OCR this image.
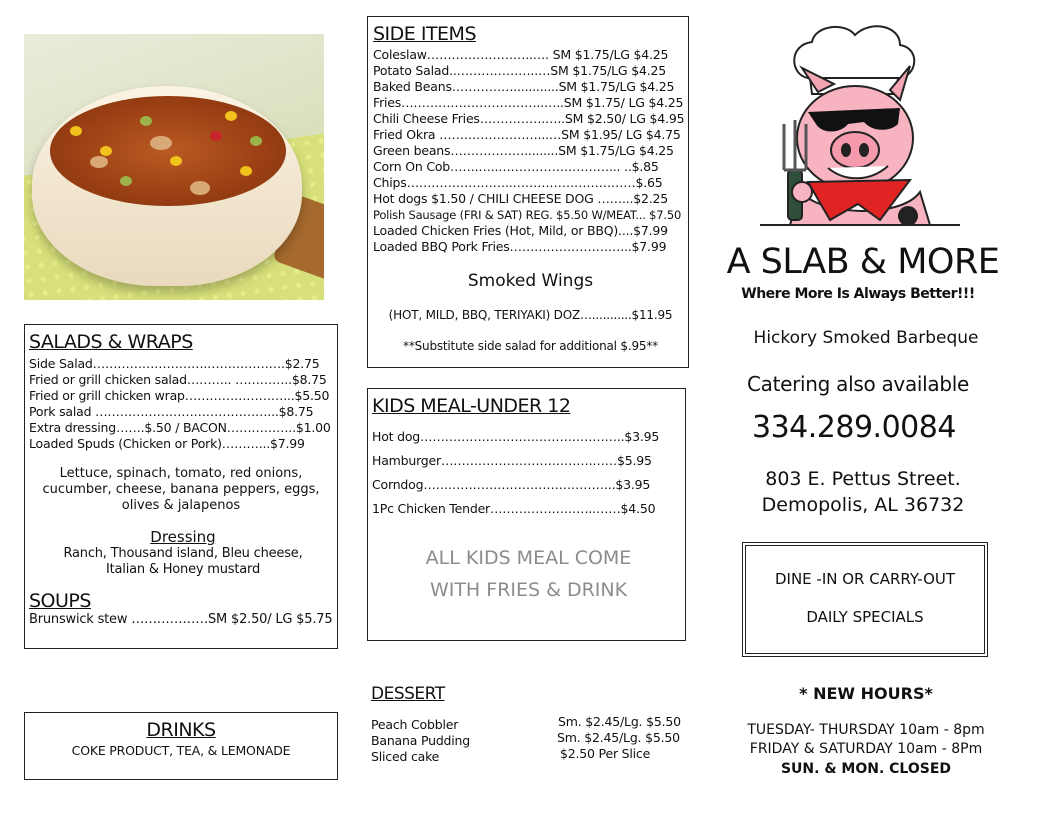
SIDE ITEMS
Coleslaw……………………..…. SM $1.75/LG $4.25
Potato Salad..………………..…SM $1.75/LG $4.25
Baked Beans……………............SM $1.75/LG $4.25
Fries……………………………..…..SM $1.75/ LG $4.25
Chili Cheese Fries…………….…..SM $2.50/ LG $4.95
Fried Okra ……………………...…SM $1.95/ LG $4.75
Green beans……………….........SM $1.75/LG $4.25
Corn On Cob…….…..………………………... ..$.85
Chips……………………..…………………………$.65
Hot dogs $1.50 / CHILI CHEESE DOG ……...$2.25
Polish Sausage (FRI & SAT) REG. $5.50 W/MEAT... $7.50
Loaded Chicken Fries (Hot, Mild, or BBQ)....$7.99
Loaded BBQ Pork Fries………………………...$7.99
Smoked Wings
(HOT, MILD, BBQ, TERIYAKI) DOZ…...........$11.95
**Substitute side salad for additional $.95**
SALADS & WRAPS
Side Salad……………………….……………….$2.75
Fried or grill chicken salad……….. …………..$8.75
Fried or grill chicken wrap……………………...$5.50
Pork salad ……………………………………...$8.75
Extra dressing…….$.50 / BACON……………..$1.00
Loaded Spuds (Chicken or Pork)………...$7.99
Lettuce, spinach, tomato, red onions, cucumber, cheese, banana peppers, eggs, olives & jalapenos
Dressing
Ranch, Thousand island, Bleu cheese,
Italian & Honey mustard
SOUPS
Brunswick stew ………………SM $2.50/ LG $5.75
KIDS MEAL-UNDER 12
Hot dog…………………………………………..$3.95
Hamburger……………………………….……$5.95
Corndog………………………………………..$3.95
1Pc Chicken Tender……………………..……$4.50
ALL KIDS MEAL COME
WITH FRIES & DRINK
DRINKS
COKE PRODUCT, TEA, & LEMONADE
DESSERT
Peach Cobbler	Sm. $2.45/Lg. $5.50
Banana Pudding	Sm. $2.45/Lg. $5.50
Sliced cake	$2.50 Per Slice
A SLAB & MORE
Where More Is Always Better!!!
Hickory Smoked Barbeque
Catering also available
334.289.0084
803 E. Pettus Street.
Demopolis, AL 36732
DINE -IN OR CARRY-OUT
DAILY SPECIALS
* NEW HOURS*
TUESDAY- THURSDAY 10am - 8pm
FRIDAY & SATURDAY 10am - 8Pm
SUN. & MON. CLOSED
